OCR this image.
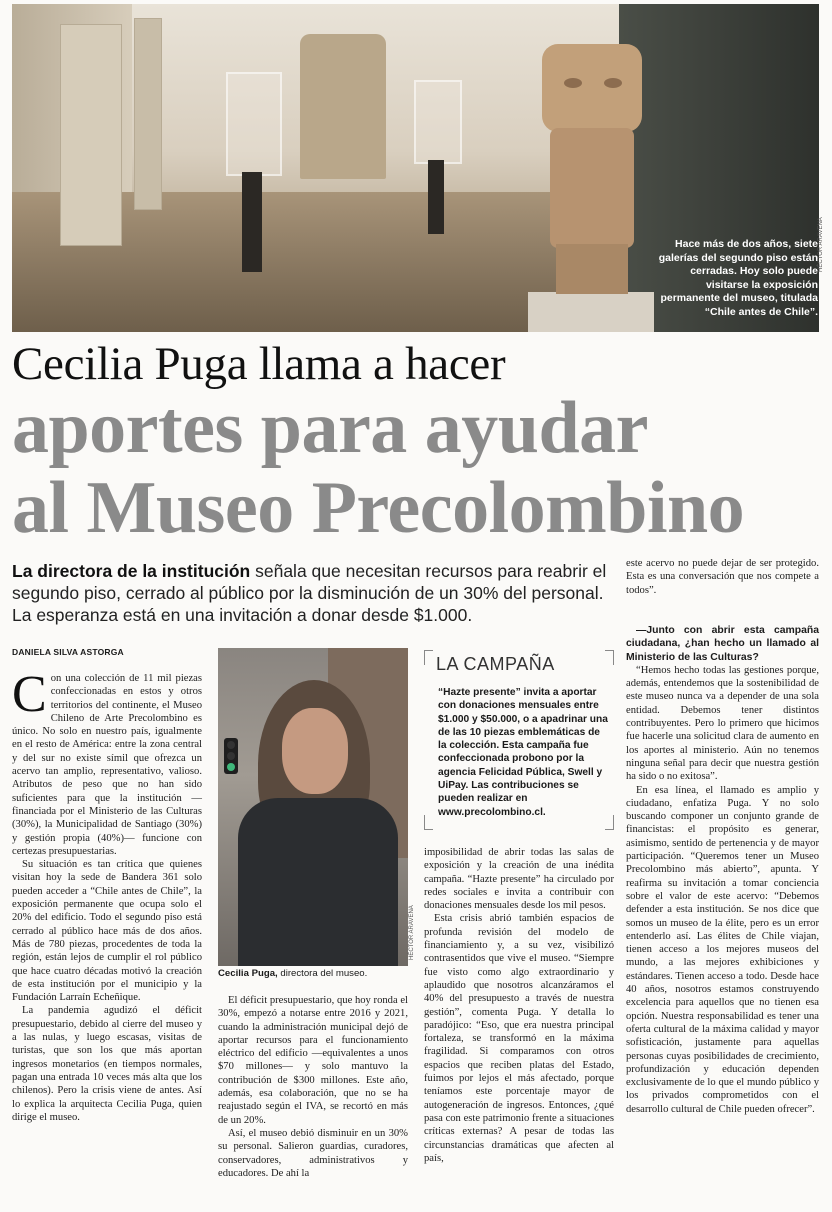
Hace más de dos años, siete galerías del segundo piso están cerradas. Hoy solo puede visitarse la exposición permanente del museo, titulada “Chile antes de Chile”.
HÉCTOR ARAVENA
Cecilia Puga llama a hacer
aportes para ayudar
al Museo Precolombino
La directora de la institución señala que necesitan recursos para reabrir el segundo piso, cerrado al público por la disminución de un 30% del personal. La esperanza está en una invitación a donar desde $1.000.
DANIELA SILVA ASTORGA

Con una colección de 11 mil piezas confeccionadas en estos y otros territorios del continente, el Museo Chileno de Arte Precolombino es único. No solo en nuestro país, igualmente en el resto de América: entre la zona central y del sur no existe símil que ofrezca un acervo tan amplio, representativo, valioso. Atributos de peso que no han sido suficientes para que la institución —financiada por el Ministerio de las Culturas (30%), la Municipalidad de Santiago (30%) y gestión propia (40%)— funcione con certezas presupuestarias.

Su situación es tan crítica que quienes visitan hoy la sede de Bandera 361 solo pueden acceder a “Chile antes de Chile”, la exposición permanente que ocupa solo el 20% del edificio. Todo el segundo piso está cerrado al público hace más de dos años. Más de 780 piezas, procedentes de toda la región, están lejos de cumplir el rol público que hace cuatro décadas motivó la creación de esta institución por el municipio y la Fundación Larraín Echeñique.

La pandemia agudizó el déficit presupuestario, debido al cierre del museo y a las nulas, y luego escasas, visitas de turistas, que son los que más aportan ingresos monetarios (en tiempos normales, pagan una entrada 10 veces más alta que los chilenos). Pero la crisis viene de antes. Así lo explica la arquitecta Cecilia Puga, quien dirige el museo.

HÉCTOR ARAVENA
Cecilia Puga, directora del museo.

El déficit presupuestario, que hoy ronda el 30%, empezó a notarse entre 2016 y 2021, cuando la administración municipal dejó de aportar recursos para el funcionamiento eléctrico del edificio —equivalentes a unos $70 millones— y solo mantuvo la contribución de $300 millones. Este año, además, esa colaboración, que no se ha reajustado según el IVA, se recortó en más de un 20%.

Así, el museo debió disminuir en un 30% su personal. Salieron guardias, curadores, conservadores, administrativos y educadores. De ahí la

LA CAMPAÑA
“Hazte presente” invita a aportar con donaciones mensuales entre $1.000 y $50.000, o a apadrinar una de las 10 piezas emblemáticas de la colección. Esta campaña fue confeccionada probono por la agencia Felicidad Pública, Swell y UiPay. Las contribuciones se pueden realizar en www.precolombino.cl.

imposibilidad de abrir todas las salas de exposición y la creación de una inédita campaña. “Hazte presente” ha circulado por redes sociales e invita a contribuir con donaciones mensuales desde los mil pesos.

Esta crisis abrió también espacios de profunda revisión del modelo de financiamiento y, a su vez, visibilizó contrasentidos que vive el museo. “Siempre fue visto como algo extraordinario y aplaudido que nosotros alcanzáramos el 40% del presupuesto a través de nuestra gestión”, comenta Puga. Y detalla lo paradójico: “Eso, que era nuestra principal fortaleza, se transformó en la máxima fragilidad. Si comparamos con otros espacios que reciben platas del Estado, fuimos por lejos el más afectado, porque teníamos este porcentaje mayor de autogeneración de ingresos. Entonces, ¿qué pasa con este patrimonio frente a situaciones críticas externas? A pesar de todas las circunstancias dramáticas que afecten al país,

este acervo no puede dejar de ser protegido. Esta es una conversación que nos compete a todos”.

—Junto con abrir esta campaña ciudadana, ¿han hecho un llamado al Ministerio de las Culturas?

“Hemos hecho todas las gestiones porque, además, entendemos que la sostenibilidad de este museo nunca va a depender de una sola entidad. Debemos tener distintos contribuyentes. Pero lo primero que hicimos fue hacerle una solicitud clara de aumento en los aportes al ministerio. Aún no tenemos ninguna señal para decir que nuestra gestión ha sido o no exitosa”.

En esa línea, el llamado es amplio y ciudadano, enfatiza Puga. Y no solo buscando componer un conjunto grande de financistas: el propósito es generar, asimismo, sentido de pertenencia y de mayor participación. “Queremos tener un Museo Precolombino más abierto”, apunta. Y reafirma su invitación a tomar conciencia sobre el valor de este acervo: “Debemos defender a esta institución. Se nos dice que somos un museo de la élite, pero es un error entenderlo así. Las élites de Chile viajan, tienen acceso a los mejores museos del mundo, a las mejores exhibiciones y estándares. Tienen acceso a todo. Desde hace 40 años, nosotros estamos construyendo excelencia para aquellos que no tienen esa opción. Nuestra responsabilidad es tener una oferta cultural de la máxima calidad y mayor sofisticación, justamente para aquellas personas cuyas posibilidades de crecimiento, profundización y educación dependen exclusivamente de lo que el mundo público y los privados comprometidos con el desarrollo cultural de Chile pueden ofrecer”.
